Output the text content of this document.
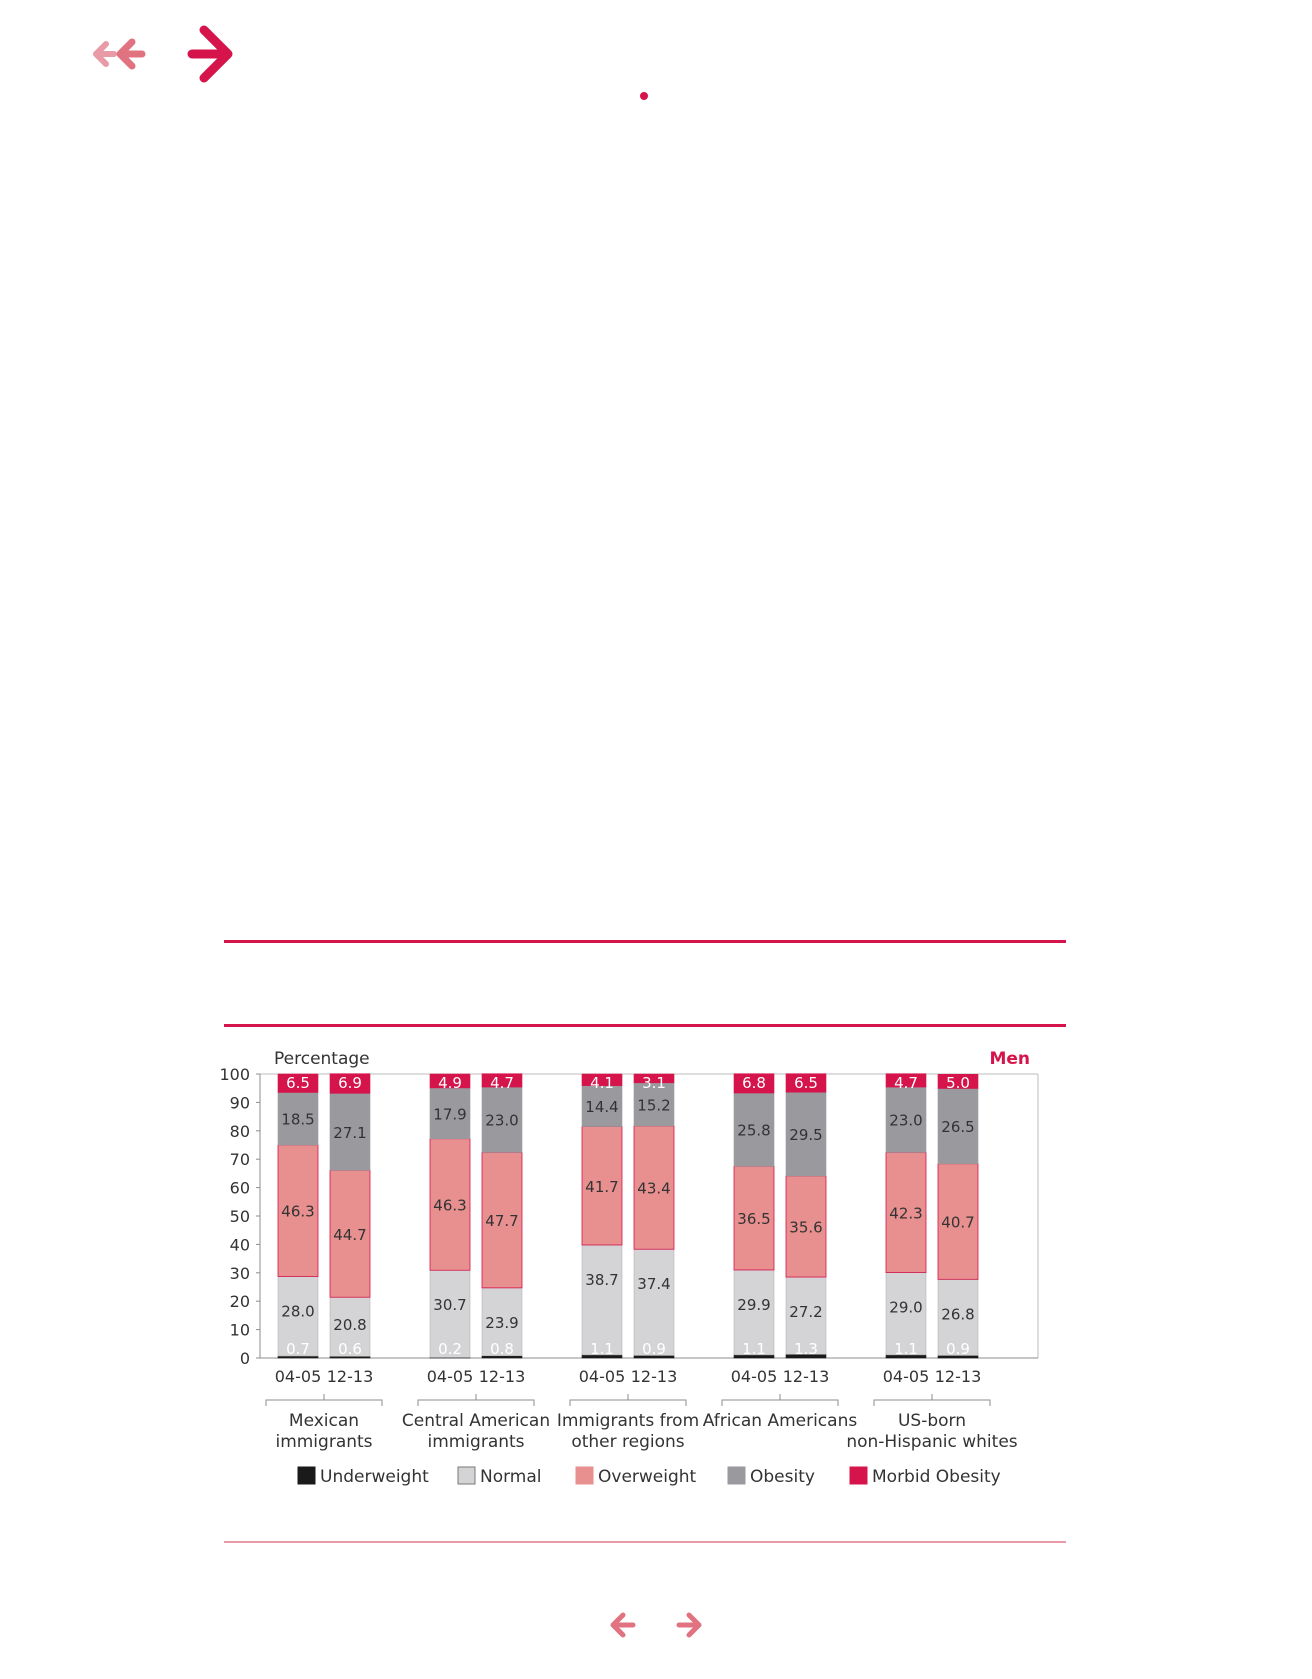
0
10
20
30
40
50
60
70
80
90
100
Percentage	Men
0.7
28.0
46.3
18.5
6.5
04-05
0.6
20.8
44.7
27.1
6.9
12-13
Mexican
immigrants
0.2
30.7
46.3
17.9
4.9
04-05
0.8
23.9
47.7
23.0
4.7
12-13
Central American
immigrants
1.1
38.7
41.7
14.4
4.1
04-05
0.9
37.4
43.4
15.2
3.1
12-13
Immigrants from
other regions
1.1
29.9
36.5
25.8
6.8
04-05
1.3
27.2
35.6
29.5
6.5
12-13
African Americans
1.1
29.0
42.3
23.0
4.7
04-05
0.9
26.8
40.7
26.5
5.0
12-13
US-born
non-Hispanic whites
Underweight	Normal	Overweight	Obesity	Morbid Obesity
